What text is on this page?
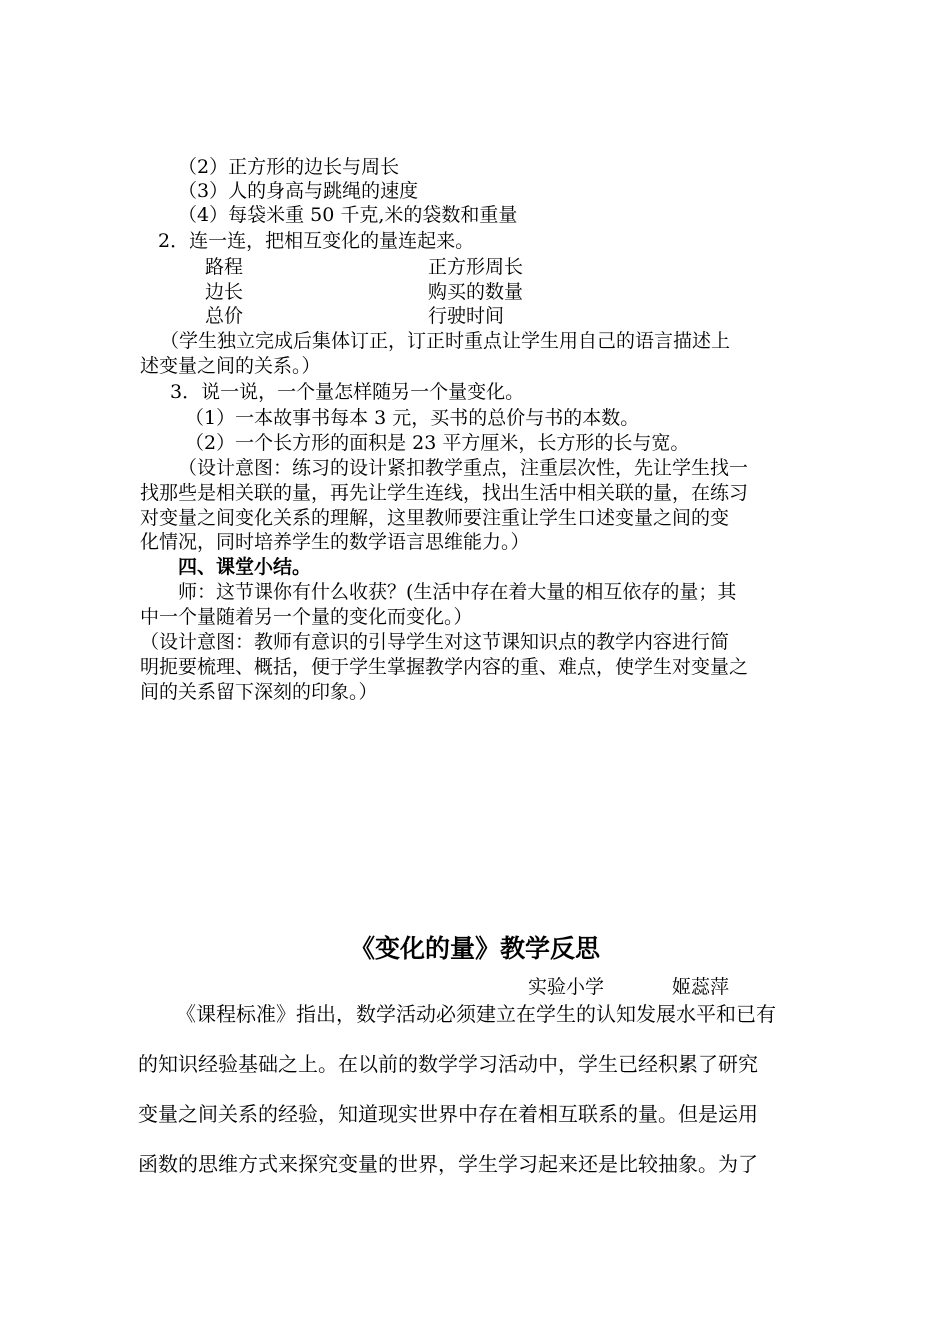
（2）正方形的边长与周长
（3）人的身高与跳绳的速度
（4）每袋米重 50 千克,米的袋数和重量
2．连一连，把相互变化的量连起来。
路程	正方形周长
边长	购买的数量
总价	行驶时间
（学生独立完成后集体订正，订正时重点让学生用自己的语言描述上
述变量之间的关系。）
3．说一说，一个量怎样随另一个量变化。
（1）一本故事书每本 3 元，买书的总价与书的本数。
（2）一个长方形的面积是 23 平方厘米，长方形的长与宽。
（设计意图：练习的设计紧扣教学重点，注重层次性，先让学生找一
找那些是相关联的量，再先让学生连线，找出生活中相关联的量，在练习
对变量之间变化关系的理解，这里教师要注重让学生口述变量之间的变
化情况，同时培养学生的数学语言思维能力。）
四、课堂小结。
师：这节课你有什么收获？(生活中存在着大量的相互依存的量；其
中一个量随着另一个量的变化而变化。）
（设计意图：教师有意识的引导学生对这节课知识点的教学内容进行简
明扼要梳理、概括，便于学生掌握教学内容的重、难点，使学生对变量之
间的关系留下深刻的印象。）
《变化的量》教学反思
实验小学	姬蕊萍
《课程标准》指出，数学活动必须建立在学生的认知发展水平和已有
的知识经验基础之上。在以前的数学学习活动中，学生已经积累了研究
变量之间关系的经验，知道现实世界中存在着相互联系的量。但是运用
函数的思维方式来探究变量的世界，学生学习起来还是比较抽象。为了
